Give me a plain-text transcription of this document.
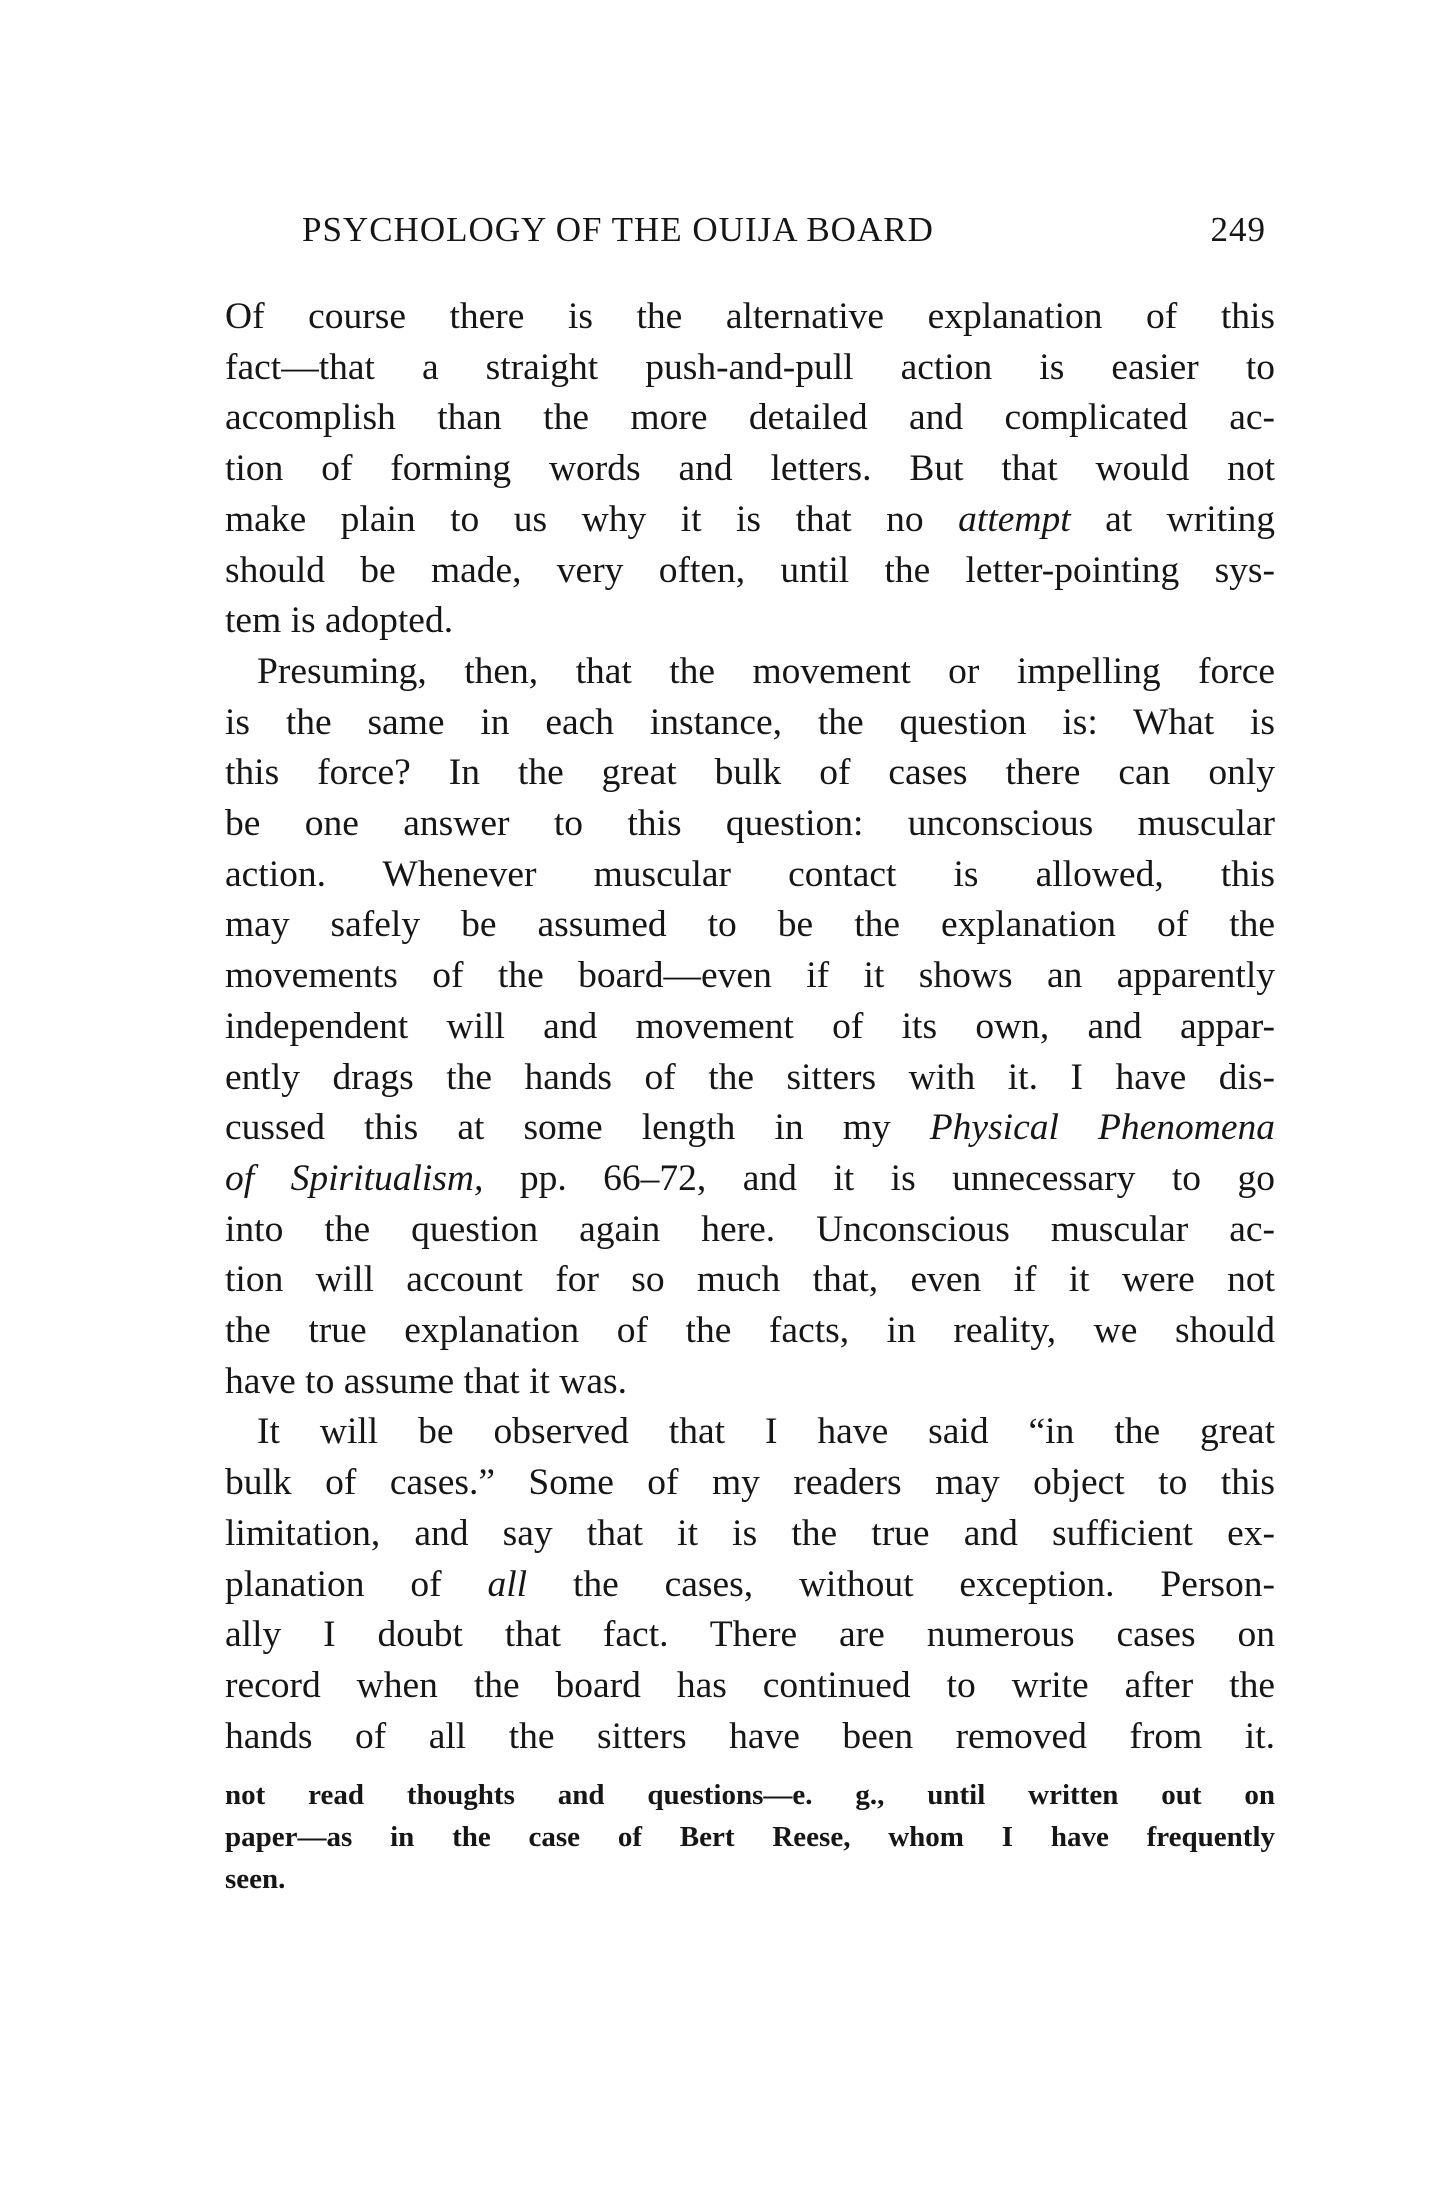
PSYCHOLOGY OF THE OUIJA BOARD	249
Of course there is the alternative explanation of this
fact—that a straight push-and-pull action is easier to
accomplish than the more detailed and complicated ac-
tion of forming words and letters. But that would not
make plain to us why it is that no attempt at writing
should be made, very often, until the letter-pointing sys-
tem is adopted.
Presuming, then, that the movement or impelling force
is the same in each instance, the question is: What is
this force? In the great bulk of cases there can only
be one answer to this question: unconscious muscular
action. Whenever muscular contact is allowed, this
may safely be assumed to be the explanation of the
movements of the board—even if it shows an apparently
independent will and movement of its own, and appar-
ently drags the hands of the sitters with it. I have dis-
cussed this at some length in my Physical Phenomena
of Spiritualism, pp. 66–72, and it is unnecessary to go
into the question again here. Unconscious muscular ac-
tion will account for so much that, even if it were not
the true explanation of the facts, in reality, we should
have to assume that it was.
It will be observed that I have said “in the great
bulk of cases.” Some of my readers may object to this
limitation, and say that it is the true and sufficient ex-
planation of all the cases, without exception. Person-
ally I doubt that fact. There are numerous cases on
record when the board has continued to write after the
hands of all the sitters have been removed from it.
not read thoughts and questions—e. g., until written out on
paper—as in the case of Bert Reese, whom I have frequently
seen.
